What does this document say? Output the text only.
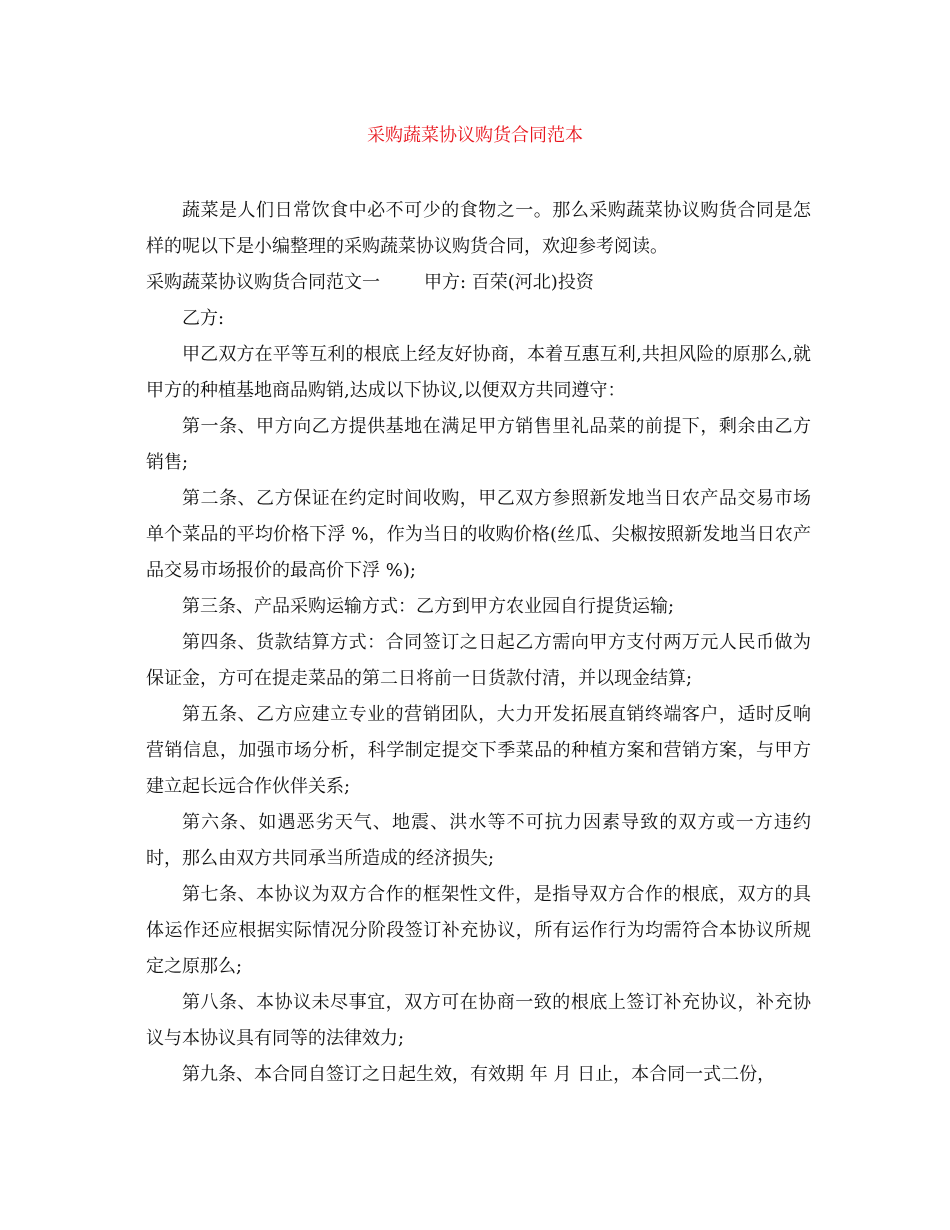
采购蔬菜协议购货合同范本

蔬菜是人们日常饮食中必不可少的食物之一。那么采购蔬菜协议购货合同是怎样的呢以下是小编整理的采购蔬菜协议购货合同，欢迎参考阅读。

采购蔬菜协议购货合同范文一 甲方: 百荣(河北)投资

乙方:

甲乙双方在平等互利的根底上经友好协商，本着互惠互利,共担风险的原那么,就甲方的种植基地商品购销,达成以下协议,以便双方共同遵守：

第一条、甲方向乙方提供基地在满足甲方销售里礼品菜的前提下，剩余由乙方销售;

第二条、乙方保证在约定时间收购，甲乙双方参照新发地当日农产品交易市场单个菜品的平均价格下浮 %，作为当日的收购价格(丝瓜、尖椒按照新发地当日农产品交易市场报价的最高价下浮 %);

第三条、产品采购运输方式：乙方到甲方农业园自行提货运输;

第四条、货款结算方式：合同签订之日起乙方需向甲方支付两万元人民币做为保证金，方可在提走菜品的第二日将前一日货款付清，并以现金结算;

第五条、乙方应建立专业的营销团队，大力开发拓展直销终端客户，适时反响营销信息，加强市场分析，科学制定提交下季菜品的种植方案和营销方案，与甲方建立起长远合作伙伴关系;

第六条、如遇恶劣天气、地震、洪水等不可抗力因素导致的双方或一方违约时，那么由双方共同承当所造成的经济损失;

第七条、本协议为双方合作的框架性文件，是指导双方合作的根底，双方的具体运作还应根据实际情况分阶段签订补充协议，所有运作行为均需符合本协议所规定之原那么;

第八条、本协议未尽事宜，双方可在协商一致的根底上签订补充协议，补充协议与本协议具有同等的法律效力;

第九条、本合同自签订之日起生效，有效期 年 月 日止，本合同一式二份，
